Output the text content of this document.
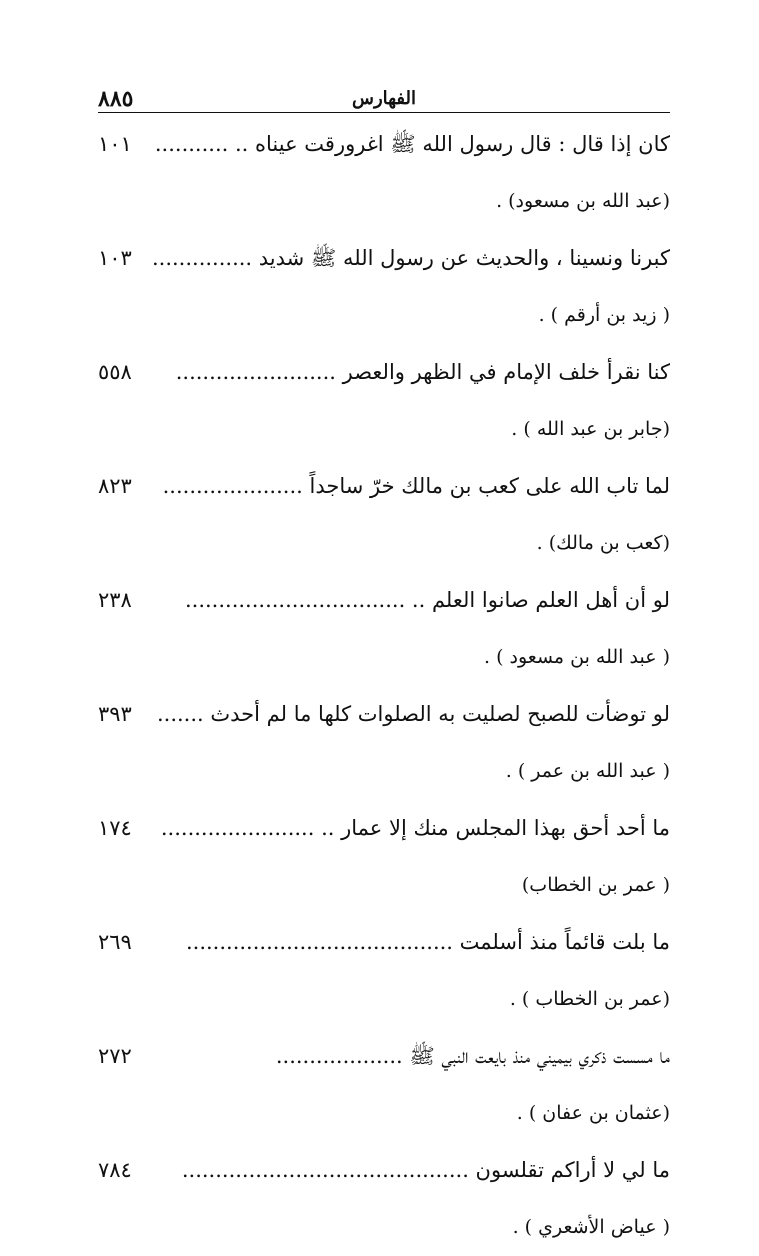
٨٨٥	الفهارس
كان إذا قال : قال رسول الله ﷺ اغرورقت عيناه .. ...........
١٠١
(عبد الله بن مسعود) .
كبرنا ونسينا ، والحديث عن رسول الله ﷺ شديد ...............
١٠٣
( زيد بن أرقم ) .
كنا نقرأ خلف الإمام في الظهر والعصر ........................
٥٥٨
(جابر بن عبد الله ) .
لما تاب الله على كعب بن مالك خرّ ساجداً .....................
٨٢٣
(كعب بن مالك) .
لو أن أهل العلم صانوا العلم .. .................................
٢٣٨
( عبد الله بن مسعود ) .
لو توضأت للصبح لصليت به الصلوات كلها ما لم أحدث .......
٣٩٣
( عبد الله بن عمر ) .
ما أحد أحق بهذا المجلس منك إلا عمار .. .......................
١٧٤
( عمر بن الخطاب)
ما بلت قائماً منذ أسلمت ........................................
٢٦٩
(عمر بن الخطاب ) .
ما مسست ذكري بيميني منذ بايعت النبي ﷺ ...................
٢٧٢
(عثمان بن عفان ) .
ما لي لا أراكم تقلسون ...........................................
٧٨٤
( عياض الأشعري ) .
